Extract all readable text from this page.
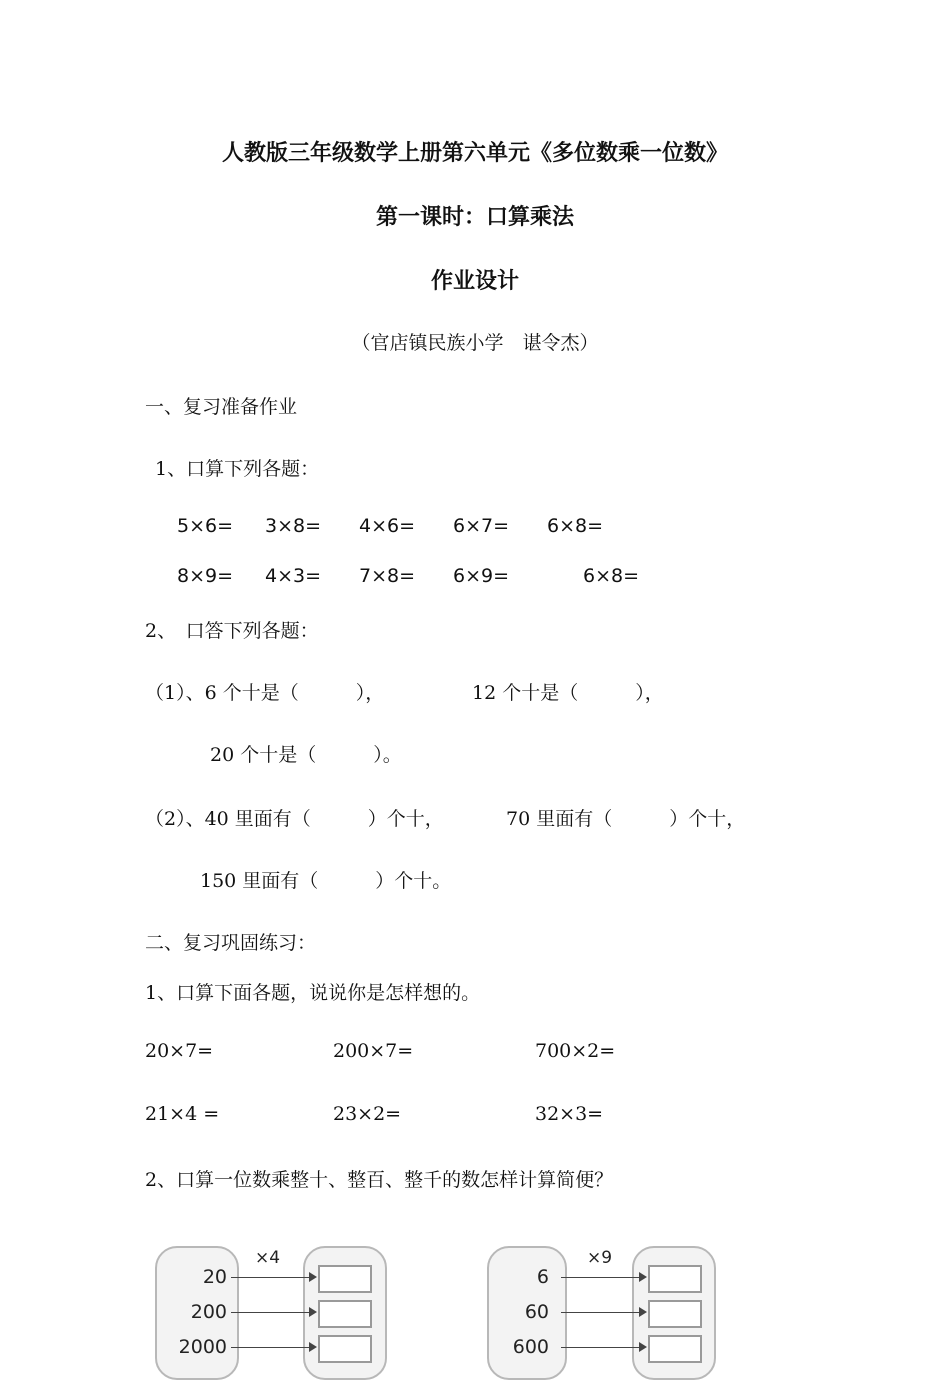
人教版三年级数学上册第六单元《多位数乘一位数》
第一课时：口算乘法
作业设计
（官店镇民族小学　谌令杰）
一、复习准备作业
1、口算下列各题：
5×6= 3×8= 4×6= 6×7= 6×8=
8×9= 4×3= 7×8= 6×9=	6×8=
2、　口答下列各题：
（1）、6 个十是（　　　），	12 个十是（　　　），
20 个十是（　　　）。
（2）、40 里面有（　　　）个十，	70 里面有（　　　）个十，
150 里面有（　　　）个十。
二、复习巩固练习：
1、口算下面各题，说说你是怎样想的。
20×7=	200×7=	700×2=
21×4 =	23×2=	32×3=
2、口算一位数乘整十、整百、整千的数怎样计算简便？
×4
20
200
2000
×9
6
60
600
